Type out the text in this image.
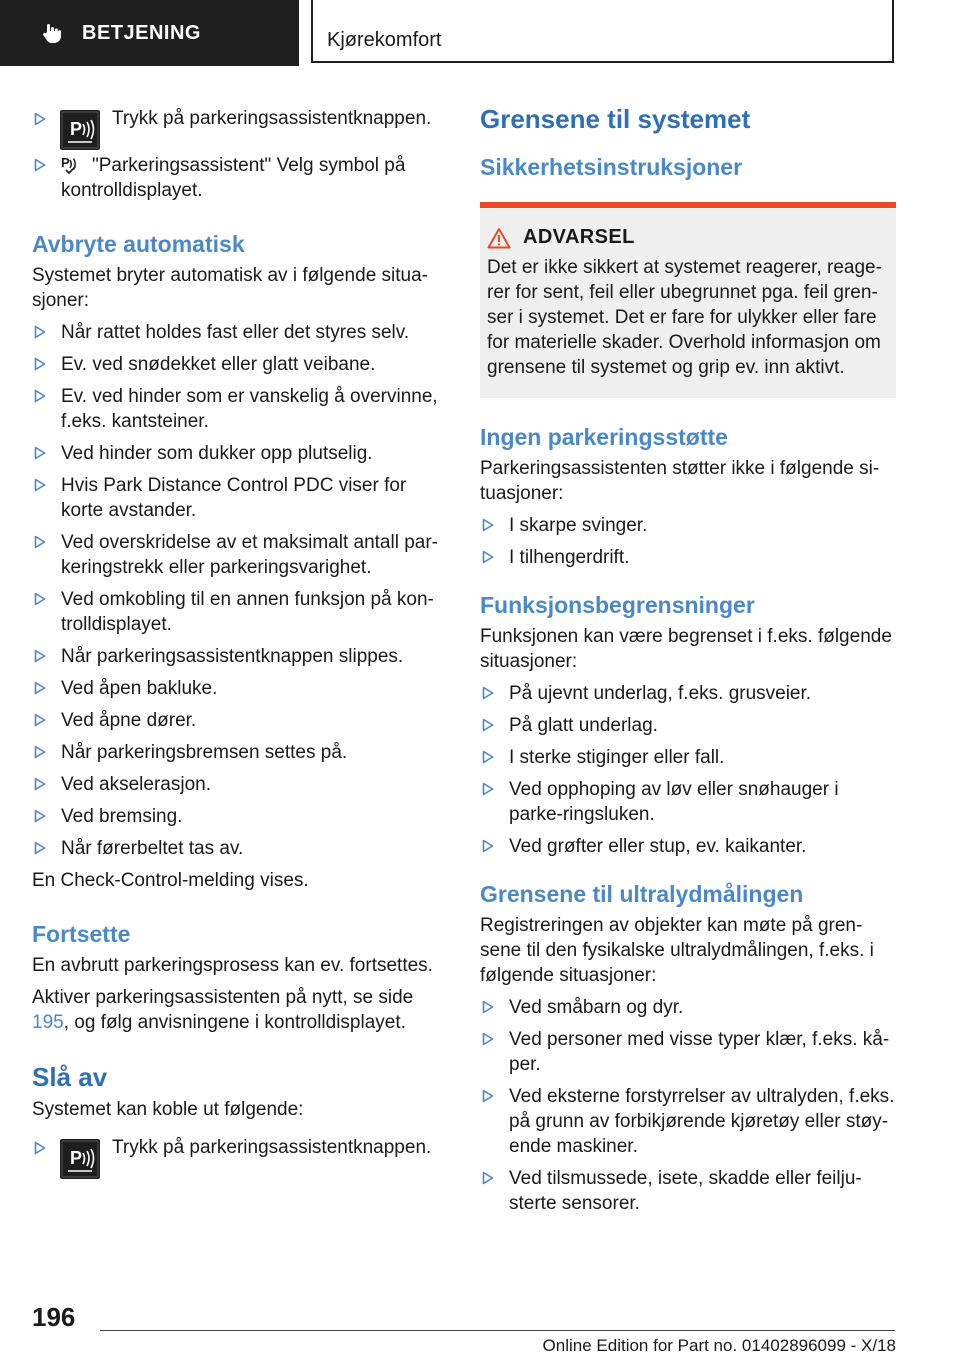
BETJENING	Kjørekomfort
Trykk på parkeringsassistentknappen.
P "Parkeringsassistent" Velg symbol på kontrolldisplayet.
Avbryte automatisk

Systemet bryter automatisk av i følgende situa‐sjoner:

Når rattet holdes fast eller det styres selv.
Ev. ved snødekket eller glatt veibane.
Ev. ved hinder som er vanskelig å overvinne, f.eks. kantsteiner.
Ved hinder som dukker opp plutselig.
Hvis Park Distance Control PDC viser for korte avstander.
Ved overskridelse av et maksimalt antall par‐keringstrekk eller parkeringsvarighet.
Ved omkobling til en annen funksjon på kon‐trolldisplayet.
Når parkeringsassistentknappen slippes.
Ved åpen bakluke.
Ved åpne dører.
Når parkeringsbremsen settes på.
Ved akselerasjon.
Ved bremsing.
Når førerbeltet tas av.

En Check-Control-melding vises.

Fortsette

En avbrutt parkeringsprosess kan ev. fortsettes.

Aktiver parkeringsassistenten på nytt, se side 195, og følg anvisningene i kontrolldisplayet.

Slå av

Systemet kan koble ut følgende:

Trykk på parkeringsassistentknappen.
Grensene til systemet
Sikkerhetsinstruksjoner
ADVARSEL

Det er ikke sikkert at systemet reagerer, reage‐rer for sent, feil eller ubegrunnet pga. feil gren‐ser i systemet. Det er fare for ulykker eller fare for materielle skader. Overhold informasjon om grensene til systemet og grip ev. inn aktivt.

Ingen parkeringsstøtte

Parkeringsassistenten støtter ikke i følgende si‐tuasjoner:

I skarpe svinger.
I tilhengerdrift.
Funksjonsbegrensninger

Funksjonen kan være begrenset i f.eks. følgende situasjoner:

På ujevnt underlag, f.eks. grusveier.
På glatt underlag.
I sterke stiginger eller fall.
Ved opphoping av løv eller snøhauger i parke‐ringsluken.
Ved grøfter eller stup, ev. kaikanter.
Grensene til ultralydmålingen

Registreringen av objekter kan møte på gren‐sene til den fysikalske ultralydmålingen, f.eks. i følgende situasjoner:

Ved småbarn og dyr.
Ved personer med visse typer klær, f.eks. kå‐per.
Ved eksterne forstyrrelser av ultralyden, f.eks. på grunn av forbikjørende kjøretøy eller støy‐ende maskiner.
Ved tilsmussede, isete, skadde eller feilju‐sterte sensorer.
196
Online Edition for Part no. 01402896099 - X/18
